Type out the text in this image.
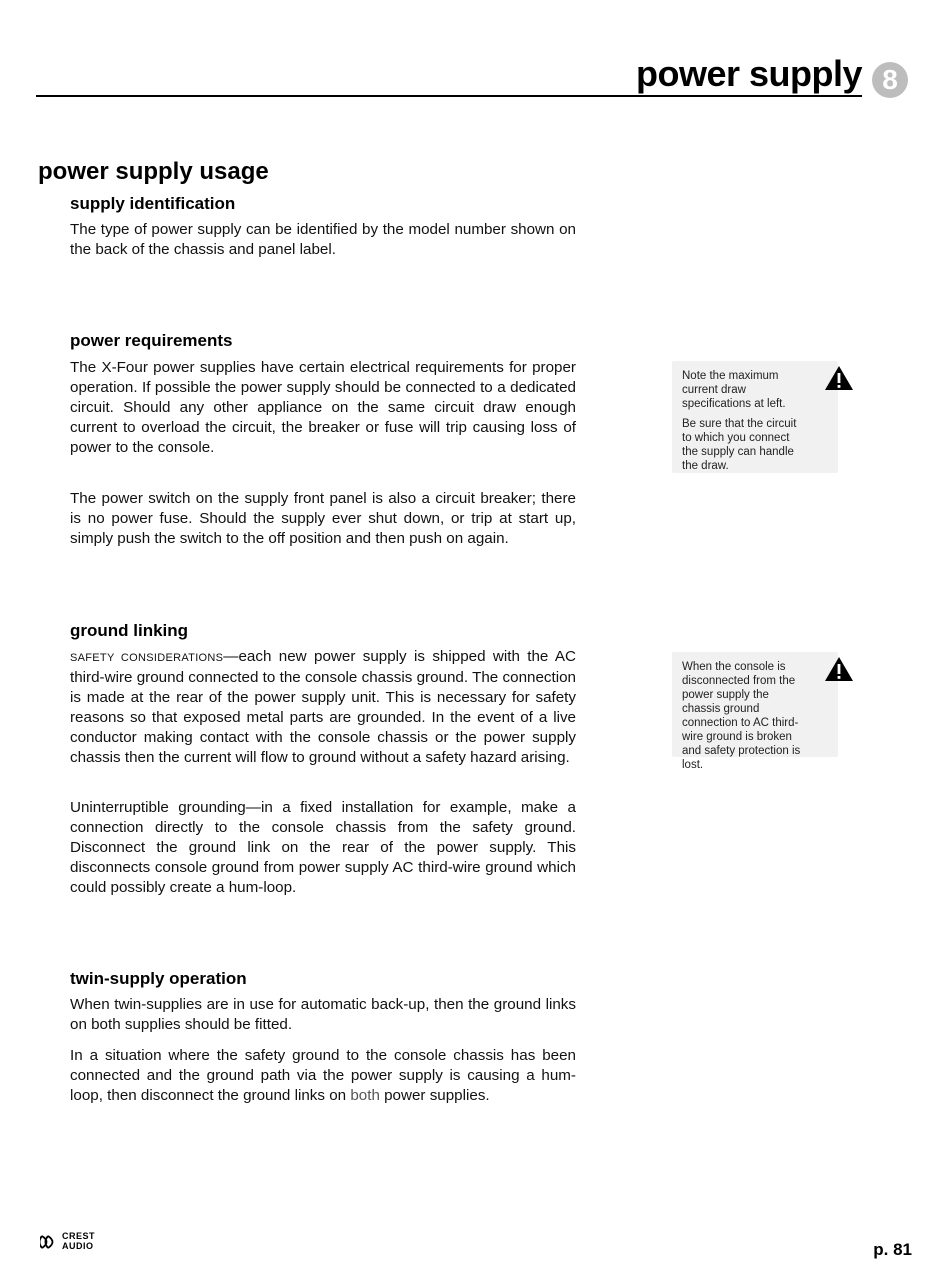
power supply 8
power supply usage
supply identification

The type of power supply can be identified by the model number shown on the back of the chassis and panel label.

power requirements

The X-Four power supplies have certain electrical requirements for proper operation. If possible the power supply should be connected to a dedicated circuit. Should any other appliance on the same circuit draw enough current to overload the circuit, the breaker or fuse will trip causing loss of power to the console.

The power switch on the supply front panel is also a circuit breaker; there is no power fuse. Should the supply ever shut down, or trip at start up, simply push the switch to the off position and then push on again.

ground linking

SAFETY CONSIDERATIONS—each new power supply is shipped with the AC third-wire ground connected to the console chassis ground. The connection is made at the rear of the power supply unit. This is necessary for safety reasons so that exposed metal parts are grounded. In the event of a live conductor making contact with the console chassis or the power supply chassis then the current will flow to ground without a safety hazard arising.

Uninterruptible grounding—in a fixed installation for example, make a connection directly to the console chassis from the safety ground. Disconnect the ground link on the rear of the power supply. This disconnects console ground from power supply AC third-wire ground which could possibly create a hum-loop.

twin-supply operation

When twin-supplies are in use for automatic back-up, then the ground links on both supplies should be fitted.

In a situation where the safety ground to the console chassis has been connected and the ground path via the power supply is causing a hum-loop, then disconnect the ground links on both power supplies.

Note the maximum current draw specifications at left.

Be sure that the circuit to which you connect the supply can handle the draw.

When the console is disconnected from the power supply the chassis ground connection to AC third-wire ground is broken and safety protection is lost.

CREST
AUDIO	p. 81
